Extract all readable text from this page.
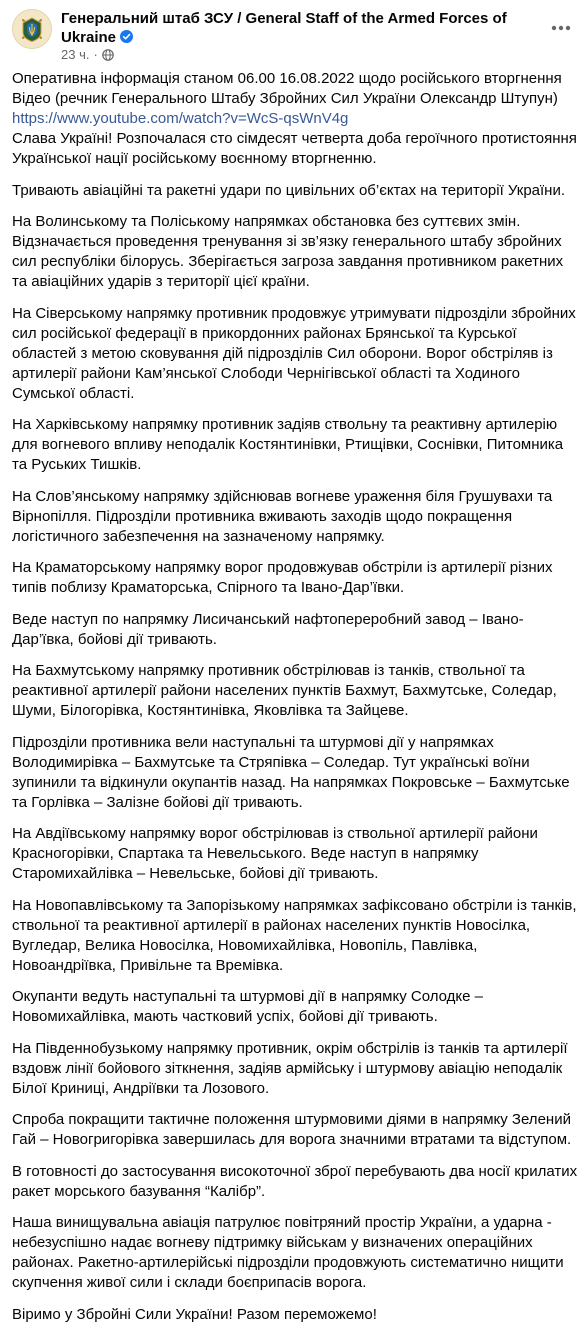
Генеральний штаб ЗСУ / General Staff of the Armed Forces of Ukraine
23 ч. ·

Оперативна інформація станом 06.00 16.08.2022 щодо російського вторгнення

Відео (речник Генерального Штабу Збройних Сил України Олександр Штупун)

https://www.youtube.com/watch?v=WcS-qsWnV4g

Слава Україні! Розпочалася сто сімдесят четверта доба героїчного протистояння Української нації російському воєнному вторгненню.

Тривають авіаційні та ракетні удари по цивільних об’єктах на території України.

На Волинському та Поліському напрямках обстановка без суттєвих змін. Відзначається проведення тренування зі зв’язку генерального штабу збройних сил республіки білорусь. Зберігається загроза завдання противником ракетних та авіаційних ударів з території цієї країни.

На Сіверському напрямку противник продовжує утримувати підрозділи збройних сил російської федерації в прикордонних районах Брянської та Курської областей з метою сковування дій підрозділів Сил оборони. Ворог обстріляв із артилерії райони Кам’янської Слободи Чернігівської області та Ходиного Сумської області.

На Харківському напрямку противник задіяв ствольну та реактивну артилерію для вогневого впливу неподалік Костянтинівки, Ртищівки, Соснівки, Питомника та Руських Тишків.

На Слов’янському напрямку здійснював вогневе ураження біля Грушувахи та Вірнопілля. Підрозділи противника вживають заходів щодо покращення логістичного забезпечення на зазначеному напрямку.

На Краматорському напрямку ворог продовжував обстріли із артилерії різних типів поблизу Краматорська, Спірного та Івано-Дар’ївки.

Веде наступ по напрямку Лисичанський нафтопереробний завод – Івано-Дар’ївка, бойові дії тривають.

На Бахмутському напрямку противник обстрілював із танків, ствольної та реактивної артилерії райони населених пунктів Бахмут, Бахмутське, Соледар, Шуми, Білогорівка, Костянтинівка, Яковлівка та Зайцеве.

Підрозділи противника вели наступальні та штурмові дії у напрямках Володимирівка – Бахмутське та Стряпівка – Соледар. Тут українські воїни зупинили та відкинули окупантів назад. На напрямках Покровське – Бахмутське та Горлівка – Залізне бойові дії тривають.

На Авдіївському напрямку ворог обстрілював із ствольної артилерії райони Красногорівки, Спартака та Невельського. Веде наступ в напрямку Старомихайлівка – Невельське, бойові дії тривають.

На Новопавлівському та Запорізькому напрямках зафіксовано обстріли із танків, ствольної та реактивної артилерії в районах населених пунктів Новосілка, Вугледар, Велика Новосілка, Новомихайлівка, Новопіль, Павлівка, Новоандріївка, Привільне та Времівка.

Окупанти ведуть наступальні та штурмові дії в напрямку Солодке – Новомихайлівка, мають частковий успіх, бойові дії тривають.

На Південнобузькому напрямку противник, окрім обстрілів із танків та артилерії вздовж лінії бойового зіткнення, задіяв армійську і штурмову авіацію неподалік Білої Криниці, Андріївки та Лозового.

Спроба покращити тактичне положення штурмовими діями в напрямку Зелений Гай – Новогригорівка завершилась для ворога значними втратами та відступом.

В готовності до застосування високоточної зброї перебувають два носії крилатих ракет морського базування “Калібр”.

Наша винищувальна авіація патрулює повітряний простір України, а ударна - небезуспішно надає вогневу підтримку військам у визначених операційних районах. Ракетно-артилерійські підрозділи продовжують систематично нищити скупчення живої сили і склади боєприпасів ворога.

Віримо у Збройні Сили України! Разом переможемо!
